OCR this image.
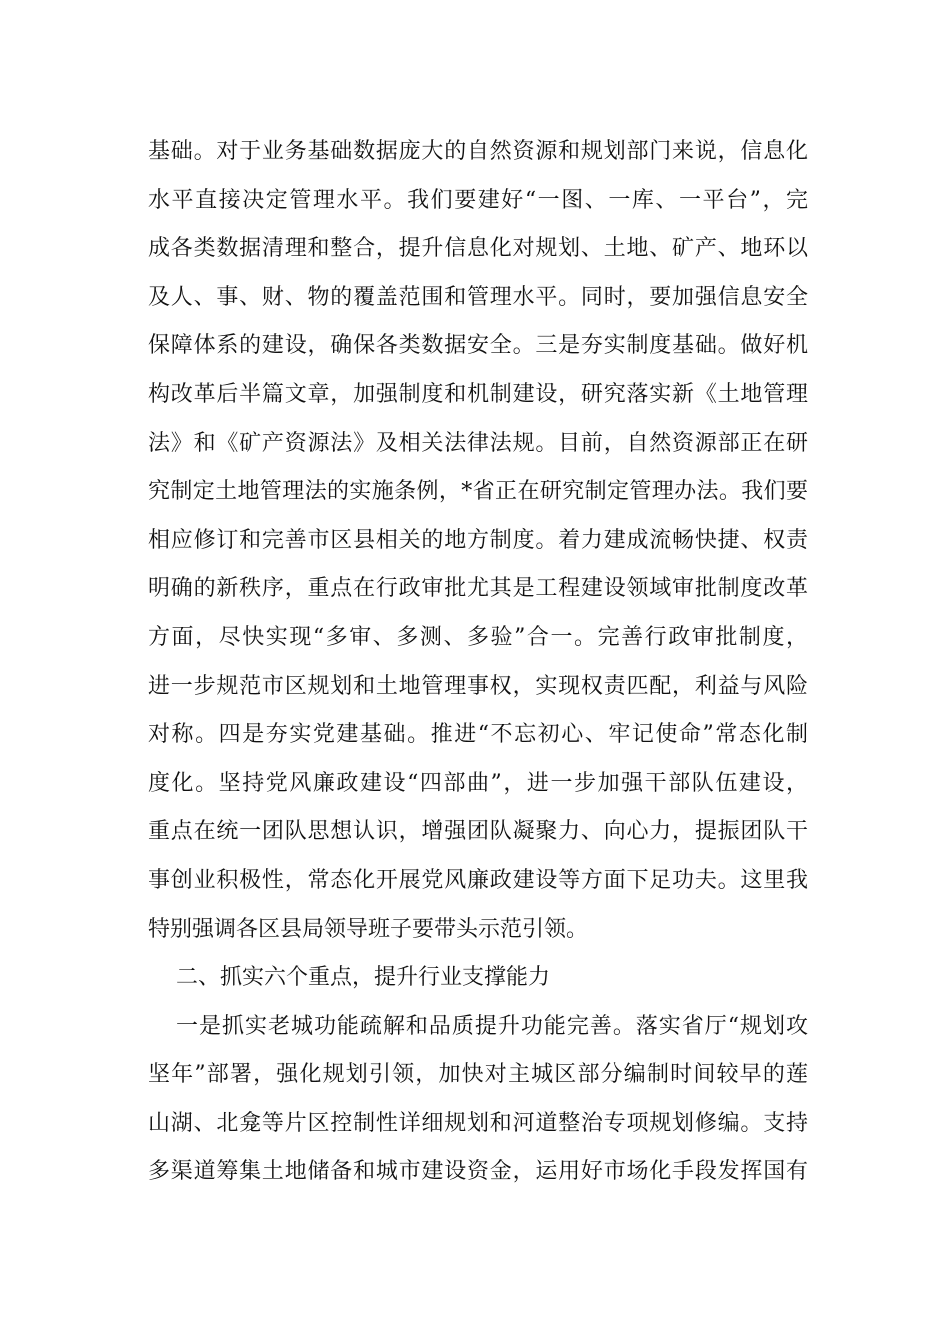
基础。对于业务基础数据庞大的自然资源和规划部门来说，信息化
水平直接决定管理水平。我们要建好“一图、一库、一平台”，完
成各类数据清理和整合，提升信息化对规划、土地、矿产、地环以
及人、事、财、物的覆盖范围和管理水平。同时，要加强信息安全
保障体系的建设，确保各类数据安全。三是夯实制度基础。做好机
构改革后半篇文章，加强制度和机制建设，研究落实新《土地管理
法》和《矿产资源法》及相关法律法规。目前，自然资源部正在研
究制定土地管理法的实施条例，*省正在研究制定管理办法。我们要
相应修订和完善市区县相关的地方制度。着力建成流畅快捷、权责
明确的新秩序，重点在行政审批尤其是工程建设领域审批制度改革
方面，尽快实现“多审、多测、多验”合一。完善行政审批制度，
进一步规范市区规划和土地管理事权，实现权责匹配，利益与风险
对称。四是夯实党建基础。推进“不忘初心、牢记使命”常态化制
度化。坚持党风廉政建设“四部曲”，进一步加强干部队伍建设，
重点在统一团队思想认识，增强团队凝聚力、向心力，提振团队干
事创业积极性，常态化开展党风廉政建设等方面下足功夫。这里我
特别强调各区县局领导班子要带头示范引领。
二、抓实六个重点，提升行业支撑能力
一是抓实老城功能疏解和品质提升功能完善。落实省厅“规划攻
坚年”部署，强化规划引领，加快对主城区部分编制时间较早的莲
山湖、北龛等片区控制性详细规划和河道整治专项规划修编。支持
多渠道筹集土地储备和城市建设资金，运用好市场化手段发挥国有
